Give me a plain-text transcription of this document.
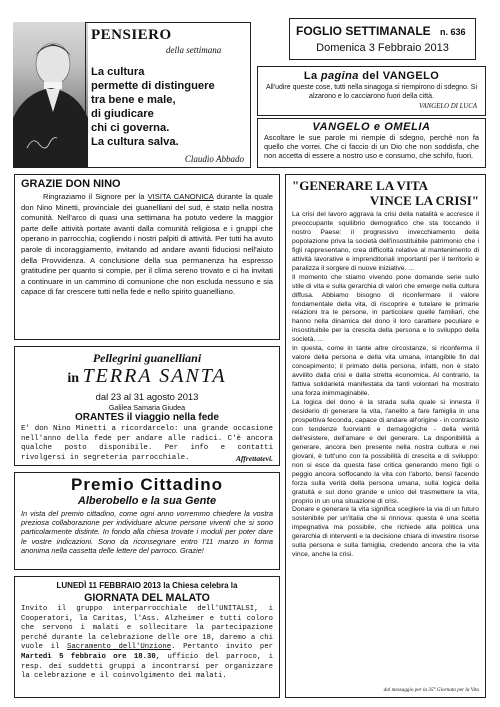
PENSIERO
della settimana
La cultura
permette di distinguere
tra bene e male,
di giudicare
chi ci governa.
La cultura salva.
Claudio Abbado
FOGLIO SETTIMANALE n. 636
Domenica 3 Febbraio 2013
La pagina del VANGELO
All'udire queste cose, tutti nella sinagoga si riempirono di sdegno. Si alzarono e lo cacciarono fuori della città.
VANGELO DI LUCA
VANGELO e OMELIA
Ascoltare le sue parole mi riempie di sdegno, perché non fa quello che vorrei. Che ci faccio di un Dio che non soddisfa, che non accetta di essere a nostro uso e consumo, che schifo, fuori.
GRAZIE DON NINO
Ringraziamo il Signore per la VISITA CANONICA durante la quale don Nino Minetti, provinciale dei guanelliani del sud, è stato nella nostra comunità. Nell'arco di quasi una settimana ha potuto vedere la maggior parte delle attività portate avanti dalla comunità religiosa e i gruppi che operano in parrocchia, cogliendo i nostri palpiti di attività. Per tutti ha avuto parole di incoraggiamento, invitando ad andare avanti fiduciosi nell'aiuto della Provvidenza. A conclusione della sua permanenza ha espresso gratitudine per quanto si compie, per il clima sereno trovato e ci ha invitati a continuare in un cammino di comunione che non escluda nessuno e sia capace di far crescere tutti nella fede e nello spirito guanelliano.
Pellegrini guanelliani
in TERRA SANTA
dal 23 al 31 agosto 2013
Galilea Samaria Giudea
ORANTES il viaggio nella fede
E' don Nino Minetti a ricordarcelo: una grande occasione nell'anno della fede per andare alle radici. C'è ancora qualche posto disponibile. Per info e contatti rivolgersi in segreteria parrocchiale.	Affrettatevi.
Premio Cittadino
Alberobello e la sua Gente
In vista del premio cittadino, come ogni anno vorremmo chiedere la vostra preziosa collaborazione per individuare alcune persone viventi che si sono particolarmente distinte. In fondo alla chiesa trovate i moduli per poter dare le vostre indicazioni. Sono da riconsegnare entro l'11 marzo in forma anonima nella cassetta delle lettere del parroco. Grazie!
LUNEDÌ 11 FEBBRAIO 2013 la Chiesa celebra la
GIORNATA DEL MALATO
Invito il gruppo interparrocchiale dell'UNITALSI, i Cooperatori, la Caritas, l'Ass. Alzheimer e tutti coloro che servono i malati e sollecitare la partecipazione perché durante la celebrazione delle ore 18, daremo a chi vuole il Sacramento dell'Unzione. Pertanto invito per Martedì 5 febbraio ore 18.30, ufficio del parroco, i resp. dei suddetti gruppi a incontrarsi per organizzare la celebrazione e il coinvolgimento dei malati.
"GENERARE LA VITA
VINCE LA CRISI"

La crisi del lavoro aggrava la crisi della natalità e accresce il preoccupante squilibrio demografico che sta toccando il nostro Paese: il progressivo invecchiamento della popolazione priva la società dell'insostituibile patrimonio che i figli rappresentano, crea difficoltà relative al mantenimento di attività lavorative e imprenditoriali importanti per il territorio e paralizza il sorgere di nuove iniziative. ...

Il momento che stiamo vivendo pone domande serie sullo stile di vita e sulla gerarchia di valori che emerge nella cultura diffusa. Abbiamo bisogno di riconfermare il valore fondamentale della vita, di riscoprire e tutelare le primarie relazioni tra le persone, in particolare quelle familiari, che hanno nella dinamica del dono il loro carattere peculiare e insostituibile per la crescita della persona e lo sviluppo della società. ...

In questa, come in tante altre circostanze, si riconferma il valore della persona e della vita umana, intangibile fin dal concepimento; il primato della persona, infatti, non è stato avvilito dalla crisi e dalla stretta economica. Al contrario, la fattiva solidarietà manifestata da tanti volontari ha mostrato una forza inimmaginabile.

La logica del dono è la strada sulla quale si innesta il desiderio di generare la vita, l'anelito a fare famiglia in una prospettiva feconda, capace di andare all'origine - in contrasto con tendenze fuorvianti e demagogiche - della verità dell'esistere, dell'amare e del generare. La disponibilità a generare, ancora ben presente nella nostra cultura e nei giovani, è tutt'uno con la possibilità di crescita e di sviluppo: non si esce da questa fase critica generando meno figli o peggio ancora soffocando la vita con l'aborto, bensì facendo forza sulla verità della persona umana, sulla logica della gratuità e sul dono grande e unico del trasmettere la vita, proprio in un una situazione di crisi.

Donare e generare la vita significa scegliere la via di un futuro sostenibile per un'Italia che si rinnova: questa è una scelta impegnativa ma possibile, che richiede alla politica una gerarchia di interventi e la decisione chiara di investire risorse sulla persona e sulla famiglia, credendo ancora che la vita vince, anche la crisi.

dal messaggio per la 35° Giornata per la Vita
